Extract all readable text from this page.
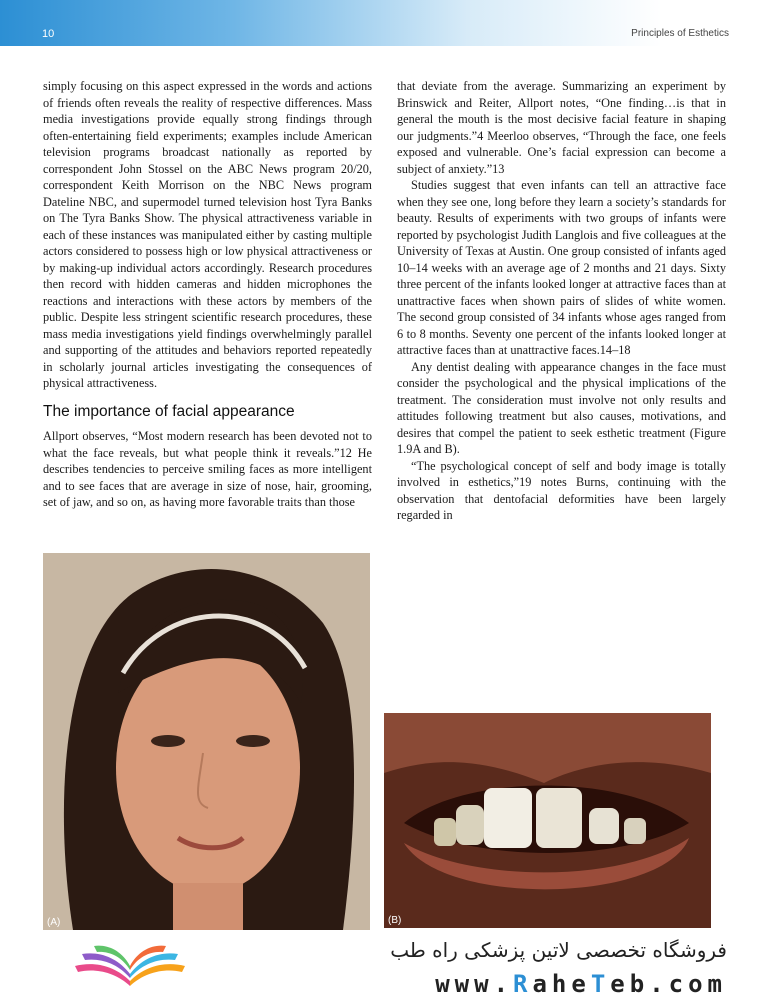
10	Principles of Esthetics

simply focusing on this aspect expressed in the words and actions of friends often reveals the reality of respective differences. Mass media investigations provide equally strong findings through often-entertaining field experiments; examples include American television programs broadcast nationally as reported by correspondent John Stossel on the ABC News program 20/20, correspondent Keith Morrison on the NBC News program Dateline NBC, and supermodel turned television host Tyra Banks on The Tyra Banks Show. The physical attractiveness variable in each of these instances was manipulated either by casting multiple actors considered to possess high or low physical attractiveness or by making-up individual actors accordingly. Research procedures then record with hidden cameras and hidden microphones the reactions and interactions with these actors by members of the public. Despite less stringent scientific research procedures, these mass media investigations yield findings overwhelmingly parallel and supporting of the attitudes and behaviors reported repeatedly in scholarly journal articles investigating the consequences of physical attractiveness.

The importance of facial appearance

Allport observes, “Most modern research has been devoted not to what the face reveals, but what people think it reveals.”12 He describes tendencies to perceive smiling faces as more intelligent and to see faces that are average in size of nose, hair, grooming, set of jaw, and so on, as having more favorable traits than those

that deviate from the average. Summarizing an experiment by Brinswick and Reiter, Allport notes, “One finding…is that in general the mouth is the most decisive facial feature in shaping our judgments.”4 Meerloo observes, “Through the face, one feels exposed and vulnerable. One’s facial expression can become a subject of anxiety.”13

Studies suggest that even infants can tell an attractive face when they see one, long before they learn a society’s standards for beauty. Results of experiments with two groups of infants were reported by psychologist Judith Langlois and five colleagues at the University of Texas at Austin. One group consisted of infants aged 10–14 weeks with an average age of 2 months and 21 days. Sixty three percent of the infants looked longer at attractive faces than at unattractive faces when shown pairs of slides of white women. The second group consisted of 34 infants whose ages ranged from 6 to 8 months. Seventy one percent of the infants looked longer at attractive faces than at unattractive faces.14–18

Any dentist dealing with appearance changes in the face must consider the psychological and the physical implications of the treatment. The consideration must involve not only results and attitudes following treatment but also causes, motivations, and desires that compel the patient to seek esthetic treatment (Figure 1.9A and B).

“The psychological concept of self and body image is totally involved in esthetics,”19 notes Burns, continuing with the observation that dentofacial deformities have been largely regarded in

(A)	(B)
فروشگاه تخصصی لاتین پزشکی راه طب
www.RaheTeb.com
